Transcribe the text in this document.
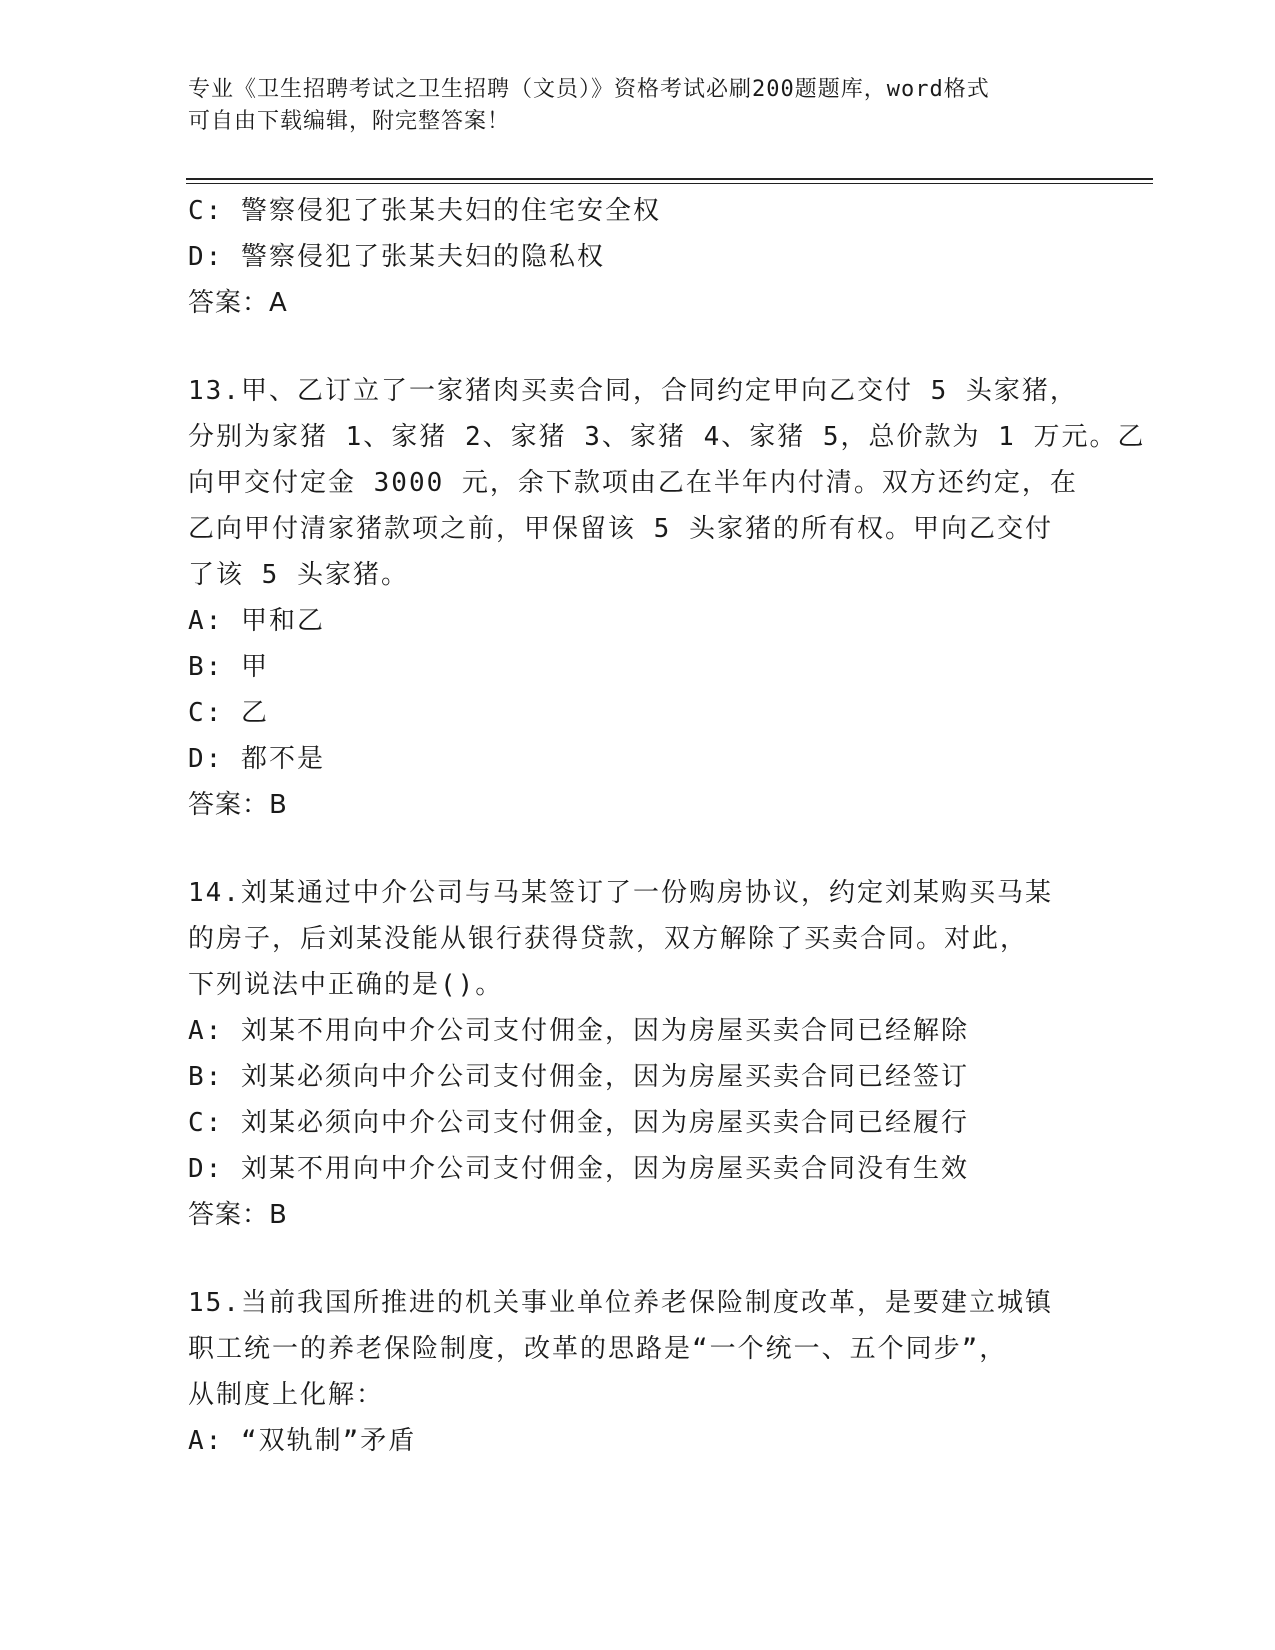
专业《卫生招聘考试之卫生招聘（文员）》资格考试必刷200题题库，word格式
可自由下载编辑，附完整答案！
C: 警察侵犯了张某夫妇的住宅安全权
D: 警察侵犯了张某夫妇的隐私权
答案：A
13.甲、乙订立了一家猪肉买卖合同，合同约定甲向乙交付 5 头家猪，
分别为家猪 1、家猪 2、家猪 3、家猪 4、家猪 5，总价款为 1 万元。乙
向甲交付定金 3000 元，余下款项由乙在半年内付清。双方还约定，在
乙向甲付清家猪款项之前，甲保留该 5 头家猪的所有权。甲向乙交付
了该 5 头家猪。
A: 甲和乙
B: 甲
C: 乙
D: 都不是
答案：B
14.刘某通过中介公司与马某签订了一份购房协议，约定刘某购买马某
的房子，后刘某没能从银行获得贷款，双方解除了买卖合同。对此，
下列说法中正确的是()。
A: 刘某不用向中介公司支付佣金，因为房屋买卖合同已经解除
B: 刘某必须向中介公司支付佣金，因为房屋买卖合同已经签订
C: 刘某必须向中介公司支付佣金，因为房屋买卖合同已经履行
D: 刘某不用向中介公司支付佣金，因为房屋买卖合同没有生效
答案：B
15.当前我国所推进的机关事业单位养老保险制度改革，是要建立城镇
职工统一的养老保险制度，改革的思路是“一个统一、五个同步”，
从制度上化解：
A: “双轨制”矛盾
